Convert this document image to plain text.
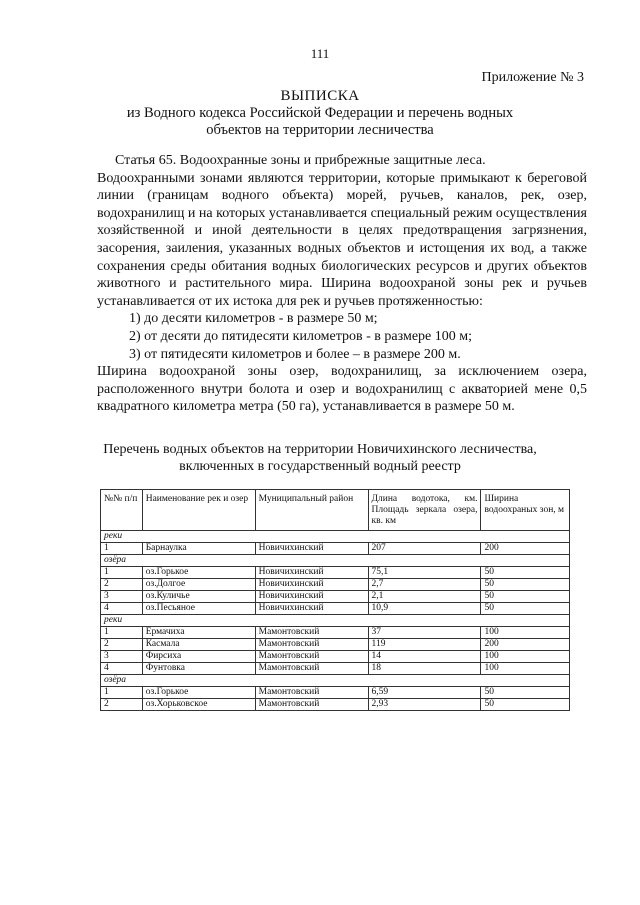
111
Приложение № 3
ВЫПИСКА
из Водного кодекса Российской Федерации и перечень водных
объектов на территории лесничества

Статья 65. Водоохранные зоны и прибрежные защитные леса.

Водоохранными зонами являются территории, которые примыкают к береговой линии (границам водного объекта) морей, ручьев, каналов, рек, озер, водохранилищ и на которых устанавливается специальный режим осуществления хозяйственной и иной деятельности в целях предотвращения загрязнения, засорения, заиления, указанных водных объектов и истощения их вод, а также сохранения среды обитания водных биологических ресурсов и других объектов животного и растительного мира. Ширина водоохраной зоны рек и ручьев устанавливается от их истока для рек и ручьев протяженностью:

1) до десяти километров - в размере 50 м;

2) от десяти до пятидесяти километров - в размере 100 м;

3) от пятидесяти километров и более – в размере 200 м.

Ширина водоохраной зоны озер, водохранилищ, за исключением озера, расположенного внутри болота и озер и водохранилищ с акваторией мене 0,5 квадратного километра метра (50 га), устанавливается в размере 50 м.

Перечень водных объектов на территории Новичихинского лесничества,
включенных в государственный водный реестр
№№ п/п	Наименование рек и озер	Муниципальный район	Длина водотока, км. Площадь зеркала озера, кв. км	Ширина водоохраных зон, м
реки				
1	Барнаулка	Новичихинский	207	200
озёра				
1	оз.Горькое	Новичихинский	75,1	50
2	оз.Долгое	Новичихинский	2,7	50
3	оз.Куличье	Новичихинский	2,1	50
4	оз.Песьяное	Новичихинский	10,9	50
реки				
1	Ермачиха	Мамонтовский	37	100
2	Касмала	Мамонтовский	119	200
3	Фирсиха	Мамонтовский	14	100
4	Фунтовка	Мамонтовский	18	100
озёра				
1	оз.Горькое	Мамонтовский	6,59	50
2	оз.Хорьковское	Мамонтовский	2,93	50
